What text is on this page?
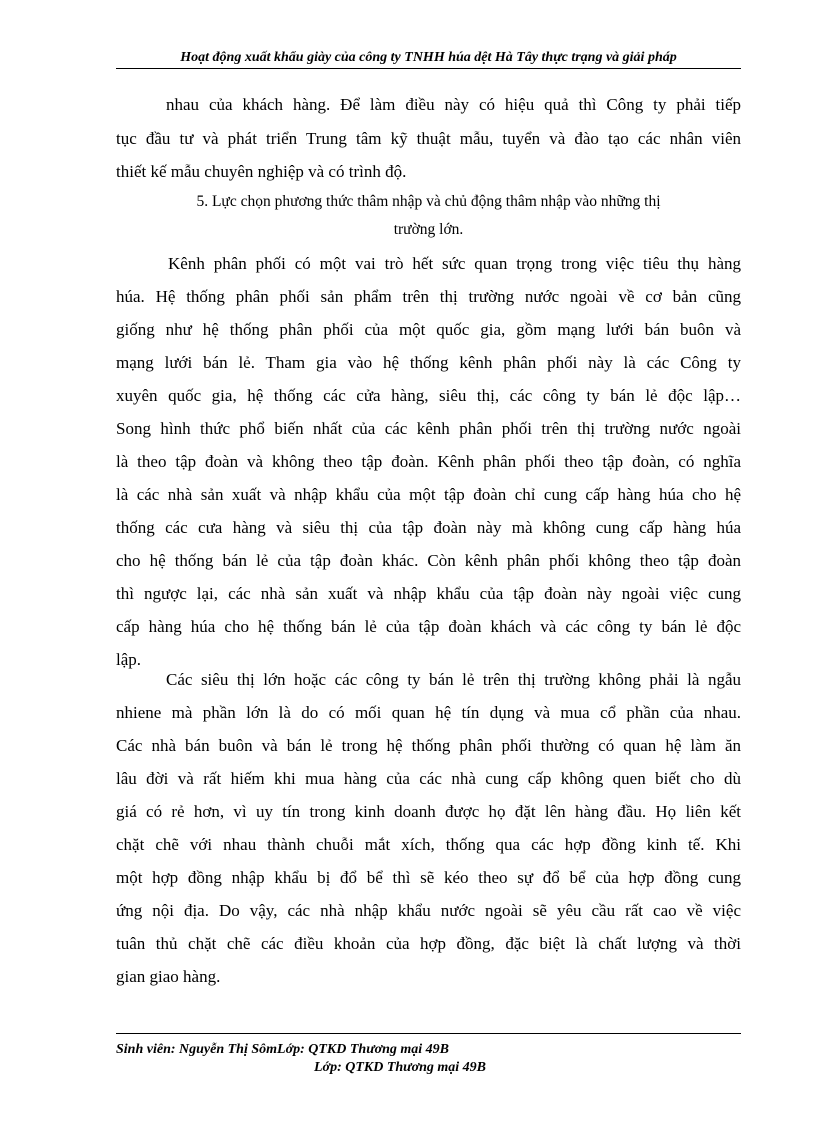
Hoạt động xuất khẩu giày của công ty TNHH húa dệt Hà Tây thực trạng và giải pháp
nhau của khách hàng. Để làm điều này có hiệu quả thì Công ty phải tiếp
tục đầu tư và phát triển Trung tâm kỹ thuật mẫu, tuyển và đào tạo các nhân viên
thiết kế mẫu chuyên nghiệp và có trình độ.
5. Lực chọn phương thức thâm nhập và chủ động thâm nhập vào những thị
trường lớn.
Kênh phân phối có một vai trò hết sức quan trọng trong việc tiêu thụ hàng
húa. Hệ thống phân phối sản phẩm trên thị trường nước ngoài về cơ bản cũng
giống như hệ thống phân phối của một quốc gia, gồm mạng lưới bán buôn và
mạng lưới bán lẻ. Tham gia vào hệ thống kênh phân phối này là các Công ty
xuyên quốc gia, hệ thống các cửa hàng, siêu thị, các công ty bán lẻ độc lập…
Song hình thức phổ biến nhất của các kênh phân phối trên thị trường nước ngoài
là theo tập đoàn và không theo tập đoàn. Kênh phân phối theo tập đoàn, có nghĩa
là các nhà sản xuất và nhập khẩu của một tập đoàn chỉ cung cấp hàng húa cho hệ
thống các cưa hàng và siêu thị của tập đoàn này mà không cung cấp hàng húa
cho hệ thống bán lẻ của tập đoàn khác. Còn kênh phân phối không theo tập đoàn
thì ngược lại, các nhà sản xuất và nhập khẩu của tập đoàn này ngoài việc cung
cấp hàng húa cho hệ thống bán lẻ của tập đoàn khách và các công ty bán lẻ độc
lập.
Các siêu thị lớn hoặc các công ty bán lẻ trên thị trường không phải là ngẫu
nhiene mà phần lớn là do có mối quan hệ tín dụng và mua cổ phần của nhau.
Các nhà bán buôn và bán lẻ trong hệ thống phân phối thường có quan hệ làm ăn
lâu đời và rất hiếm khi mua hàng của các nhà cung cấp không quen biết cho dù
giá có rẻ hơn, vì uy tín trong kinh doanh được họ đặt lên hàng đầu. Họ liên kết
chặt chẽ với nhau thành chuỗi mắt xích, thống qua các hợp đồng kinh tế. Khi
một hợp đồng nhập khẩu bị đổ bể thì sẽ kéo theo sự đổ bể của hợp đồng cung
ứng nội địa. Do vậy, các nhà nhập khẩu nước ngoài sẽ yêu cầu rất cao về việc
tuân thủ chặt chẽ các điều khoản của hợp đồng, đặc biệt là chất lượng và thời
gian giao hàng.
Sinh viên: Nguyễn Thị SômLớp: QTKD Thương mại 49B
Lớp: QTKD Thương mại 49B
